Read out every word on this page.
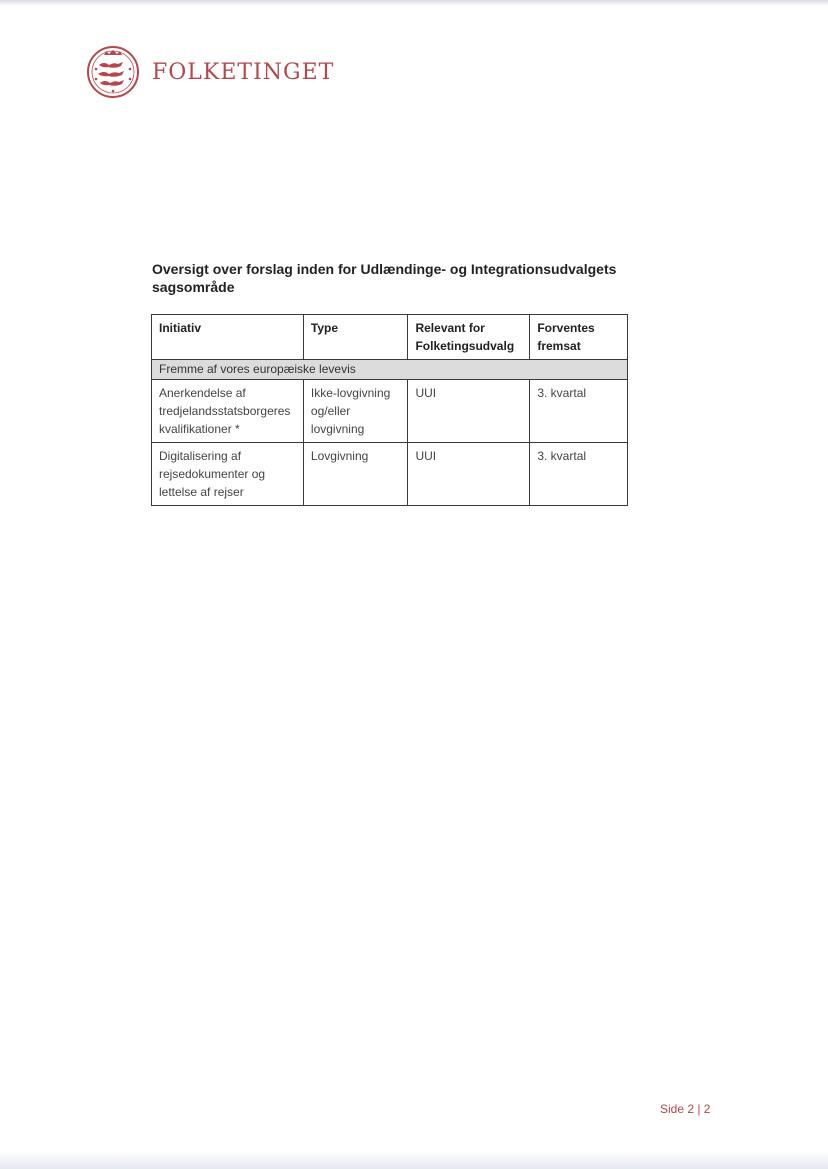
FOLKETINGET
Oversigt over forslag inden for Udlændinge- og Integrationsudvalgets
sagsområde
Initiativ	Type	Relevant for Folketingsudvalg	Forventes fremsat
Fremme af vores europæiske levevis			
Anerkendelse af tredjelandsstatsborgeres kvalifikationer *	Ikke-lovgivning og/eller lovgivning	UUI	3. kvartal
Digitalisering af rejsedokumenter og lettelse af rejser	Lovgivning	UUI	3. kvartal
Side 2 | 2
